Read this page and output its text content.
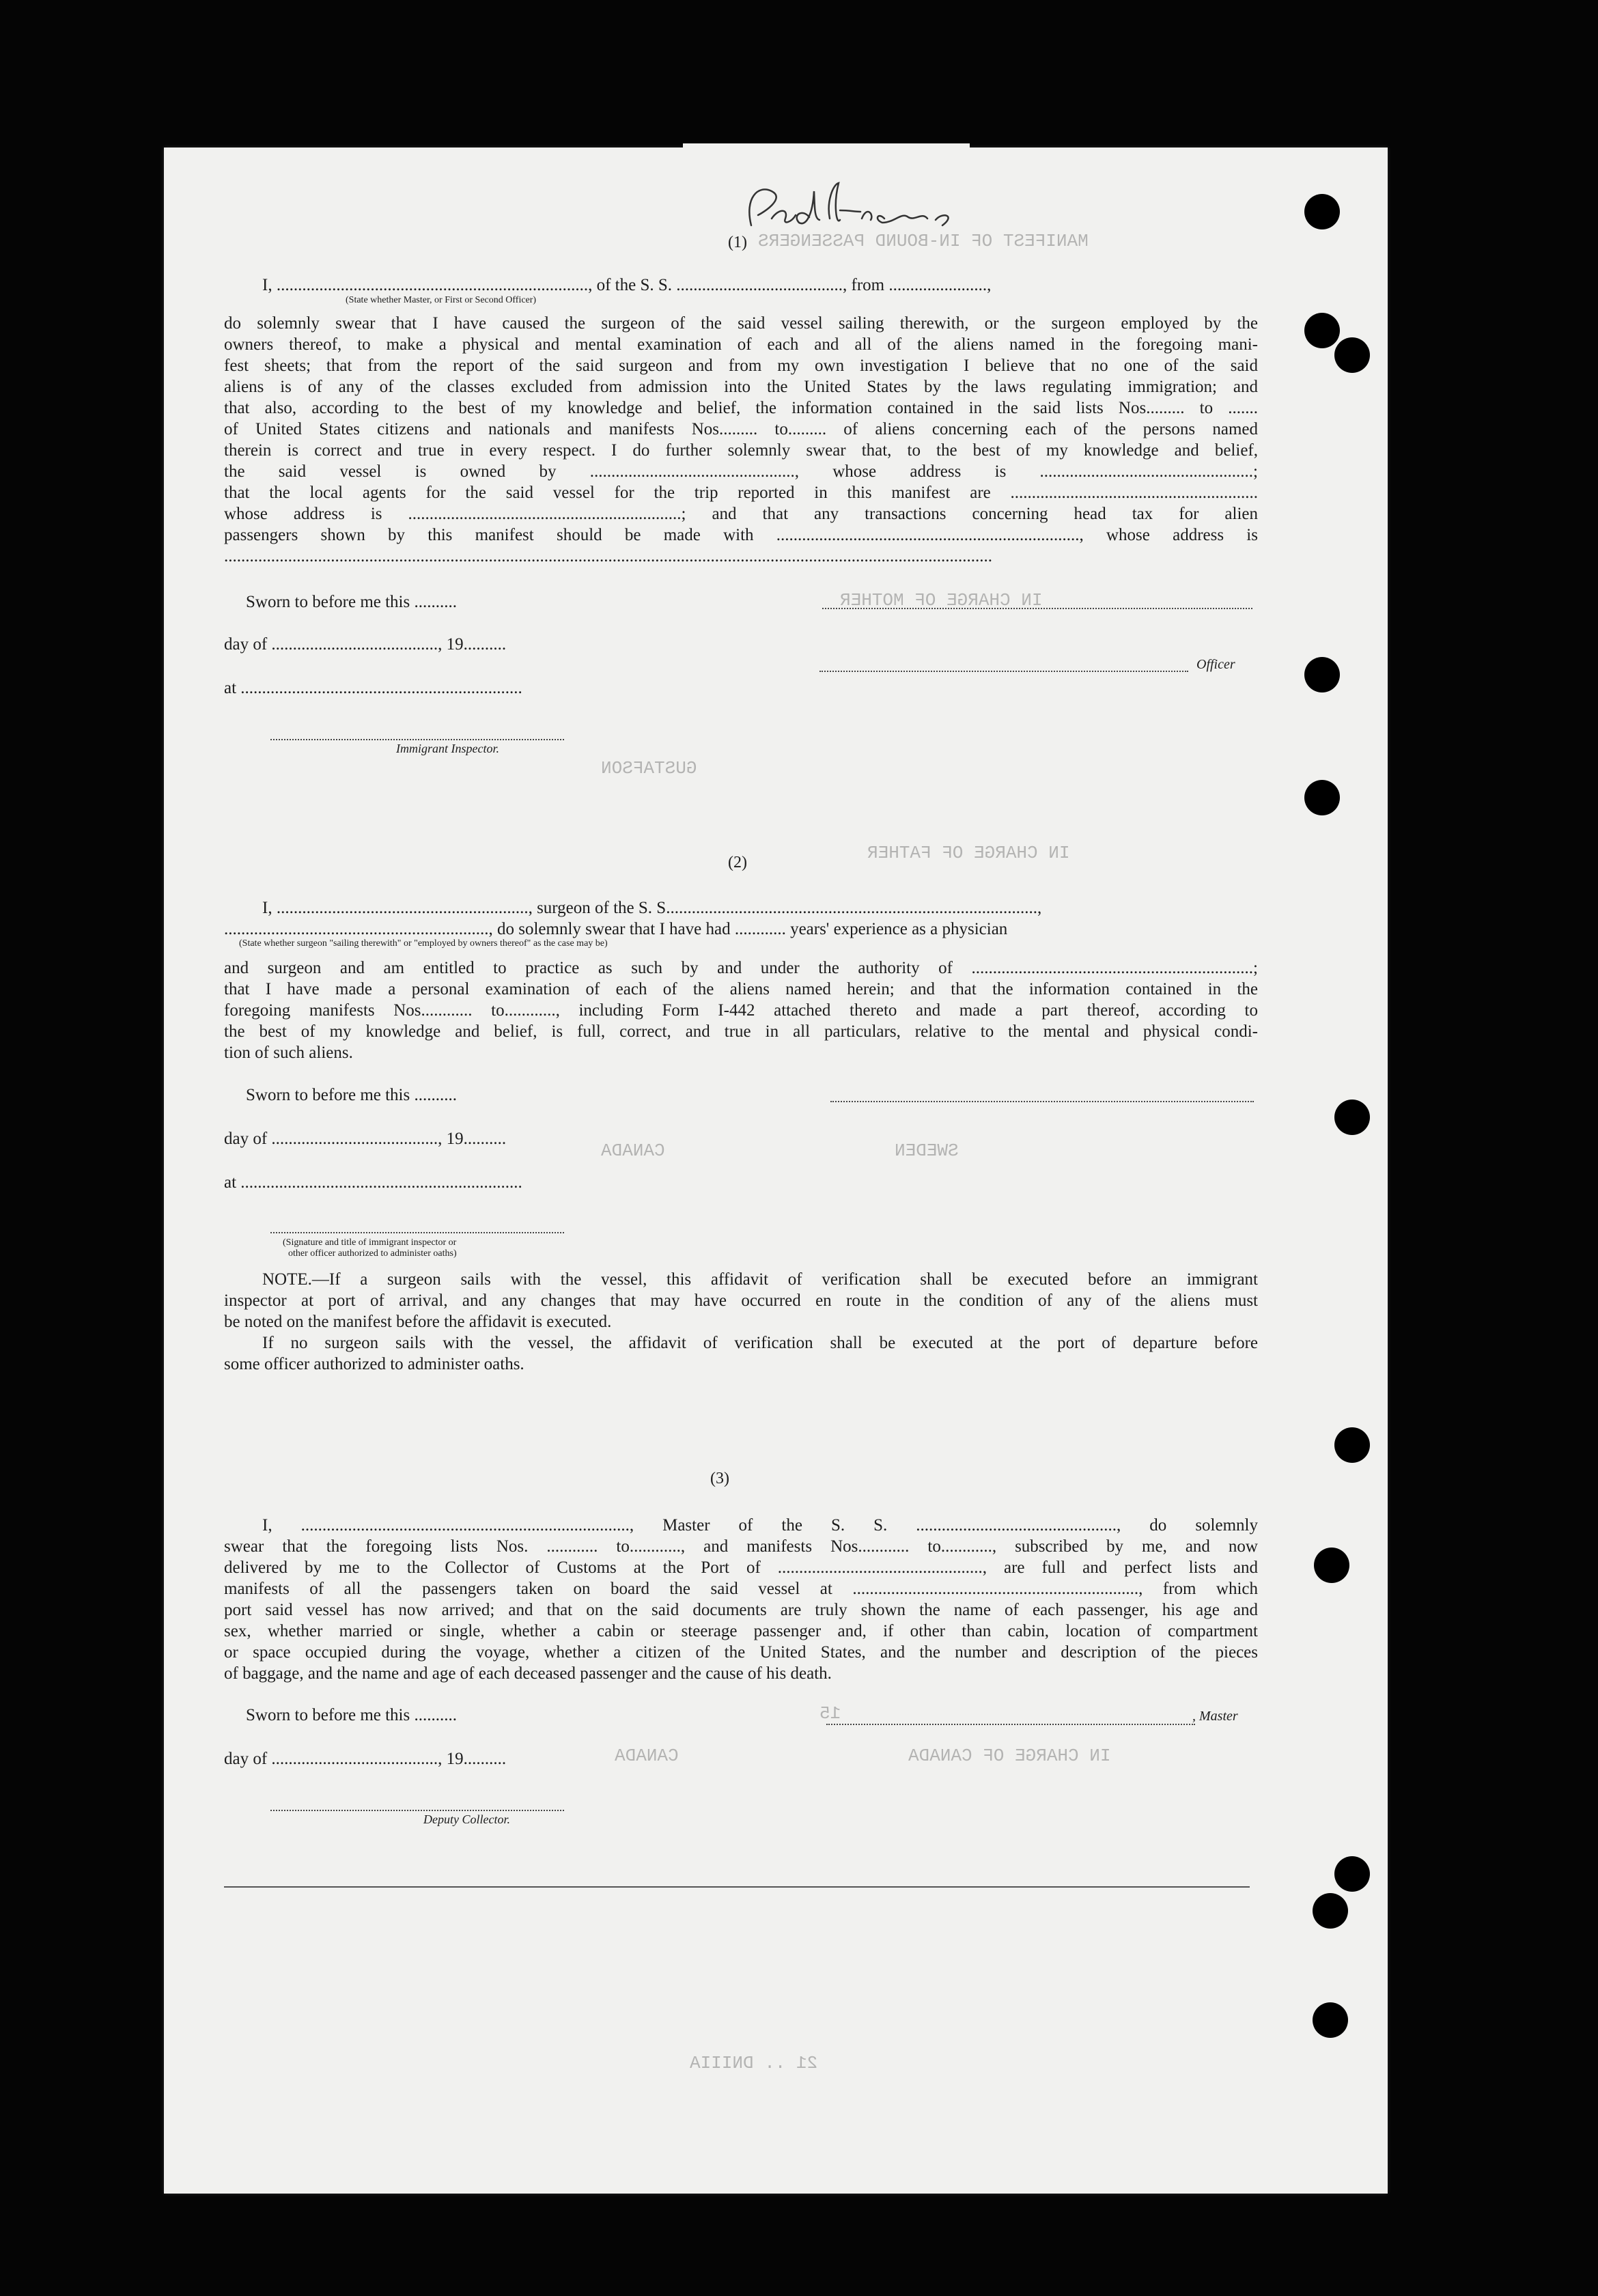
MANIFEST OF IN-BOUND PASSENGERS
IN CHARGE OF MOTHER
GUSTAFSON
IN CHARGE OF FATHER
CANADA	SWEDEN
15
CANADA	IN CHARGE OF CANADA
21 .. DNIIIA
(1)
I, ........................................................................., of the S. S. ......................................., from .......................,
(State whether Master, or First or Second Officer)
do solemnly swear that I have caused the surgeon of the said vessel sailing therewith, or the surgeon employed by the
owners thereof, to make a physical and mental examination of each and all of the aliens named in the foregoing mani-
fest sheets; that from the report of the said surgeon and from my own investigation I believe that no one of the said
aliens is of any of the classes excluded from admission into the United States by the laws regulating immigration; and
that also, according to the best of my knowledge and belief, the information contained in the said lists Nos......... to .......
of United States citizens and nationals and manifests Nos......... to......... of aliens concerning each of the persons named
therein is correct and true in every respect. I do further solemnly swear that, to the best of my knowledge and belief,
the said vessel is owned by ................................................, whose address is ..................................................;
that the local agents for the said vessel for the trip reported in this manifest are ..........................................................
whose address is ................................................................; and that any transactions concerning head tax for alien
passengers shown by this manifest should be made with ......................................................................., whose address is
....................................................................................................................................................................................
Sworn to before me this ..........
day of ......................................., 19..........
Officer
at ..................................................................
Immigrant Inspector.
(2)
I, ..........................................................., surgeon of the S. S.......................................................................................,
.............................................................., do solemnly swear that I have had ............ years' experience as a physician
(State whether surgeon "sailing therewith" or "employed by owners thereof" as the case may be)
and surgeon and am entitled to practice as such by and under the authority of ..................................................................;
that I have made a personal examination of each of the aliens named herein; and that the information contained in the
foregoing manifests Nos............ to............, including Form I-442 attached thereto and made a part thereof, according to
the best of my knowledge and belief, is full, correct, and true in all particulars, relative to the mental and physical condi-
tion of such aliens.
Sworn to before me this ..........
day of ......................................., 19..........
at ..................................................................
(Signature and title of immigrant inspector or
other officer authorized to administer oaths)
NOTE.—If a surgeon sails with the vessel, this affidavit of verification shall be executed before an immigrant
inspector at port of arrival, and any changes that may have occurred en route in the condition of any of the aliens must
be noted on the manifest before the affidavit is executed.
If no surgeon sails with the vessel, the affidavit of verification shall be executed at the port of departure before
some officer authorized to administer oaths.
(3)
I, ............................................................................., Master of the S. S. ..............................................., do solemnly
swear that the foregoing lists Nos. ............ to............, and manifests Nos............ to............, subscribed by me, and now
delivered by me to the Collector of Customs at the Port of ................................................, are full and perfect lists and
manifests of all the passengers taken on board the said vessel at ..................................................................., from which
port said vessel has now arrived; and that on the said documents are truly shown the name of each passenger, his age and
sex, whether married or single, whether a cabin or steerage passenger and, if other than cabin, location of compartment
or space occupied during the voyage, whether a citizen of the United States, and the number and description of the pieces
of baggage, and the name and age of each deceased passenger and the cause of his death.
Sworn to before me this ..........	, Master
day of ......................................., 19..........
Deputy Collector.
